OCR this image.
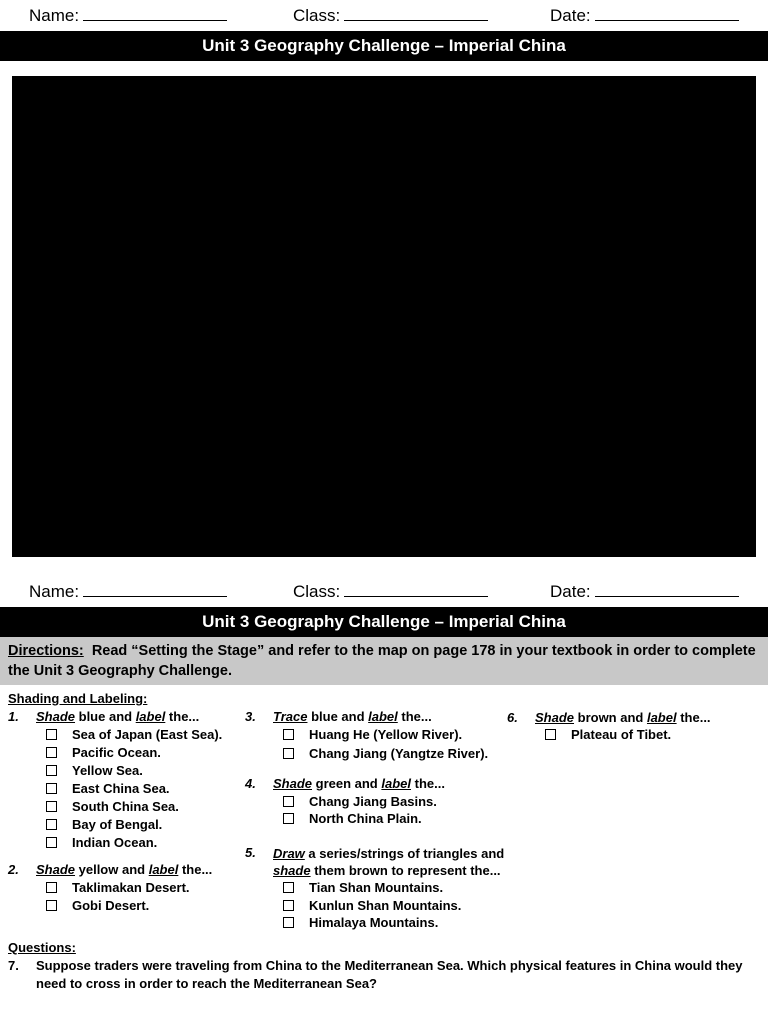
Name:	Class:	Date:
Unit 3 Geography Challenge – Imperial China
Name:	Class:	Date:
Unit 3 Geography Challenge – Imperial China
Directions: Read “Setting the Stage” and refer to the map on page 178 in your textbook in order to complete the Unit 3 Geography Challenge.
Shading and Labeling:
1. Shade blue and label the...
Sea of Japan (East Sea).
Pacific Ocean.
Yellow Sea.
East China Sea.
South China Sea.
Bay of Bengal.
Indian Ocean.
2. Shade yellow and label the...
Taklimakan Desert.
Gobi Desert.
3. Trace blue and label the...
Huang He (Yellow River).
Chang Jiang (Yangtze River).
4. Shade green and label the...
Chang Jiang Basins.
North China Plain.
5. Draw a series/strings of triangles and shade them brown to represent the...
Tian Shan Mountains.
Kunlun Shan Mountains.
Himalaya Mountains.
6. Shade brown and label the...
Plateau of Tibet.
Questions:
7. Suppose traders were traveling from China to the Mediterranean Sea. Which physical features in China would they need to cross in order to reach the Mediterranean Sea?
